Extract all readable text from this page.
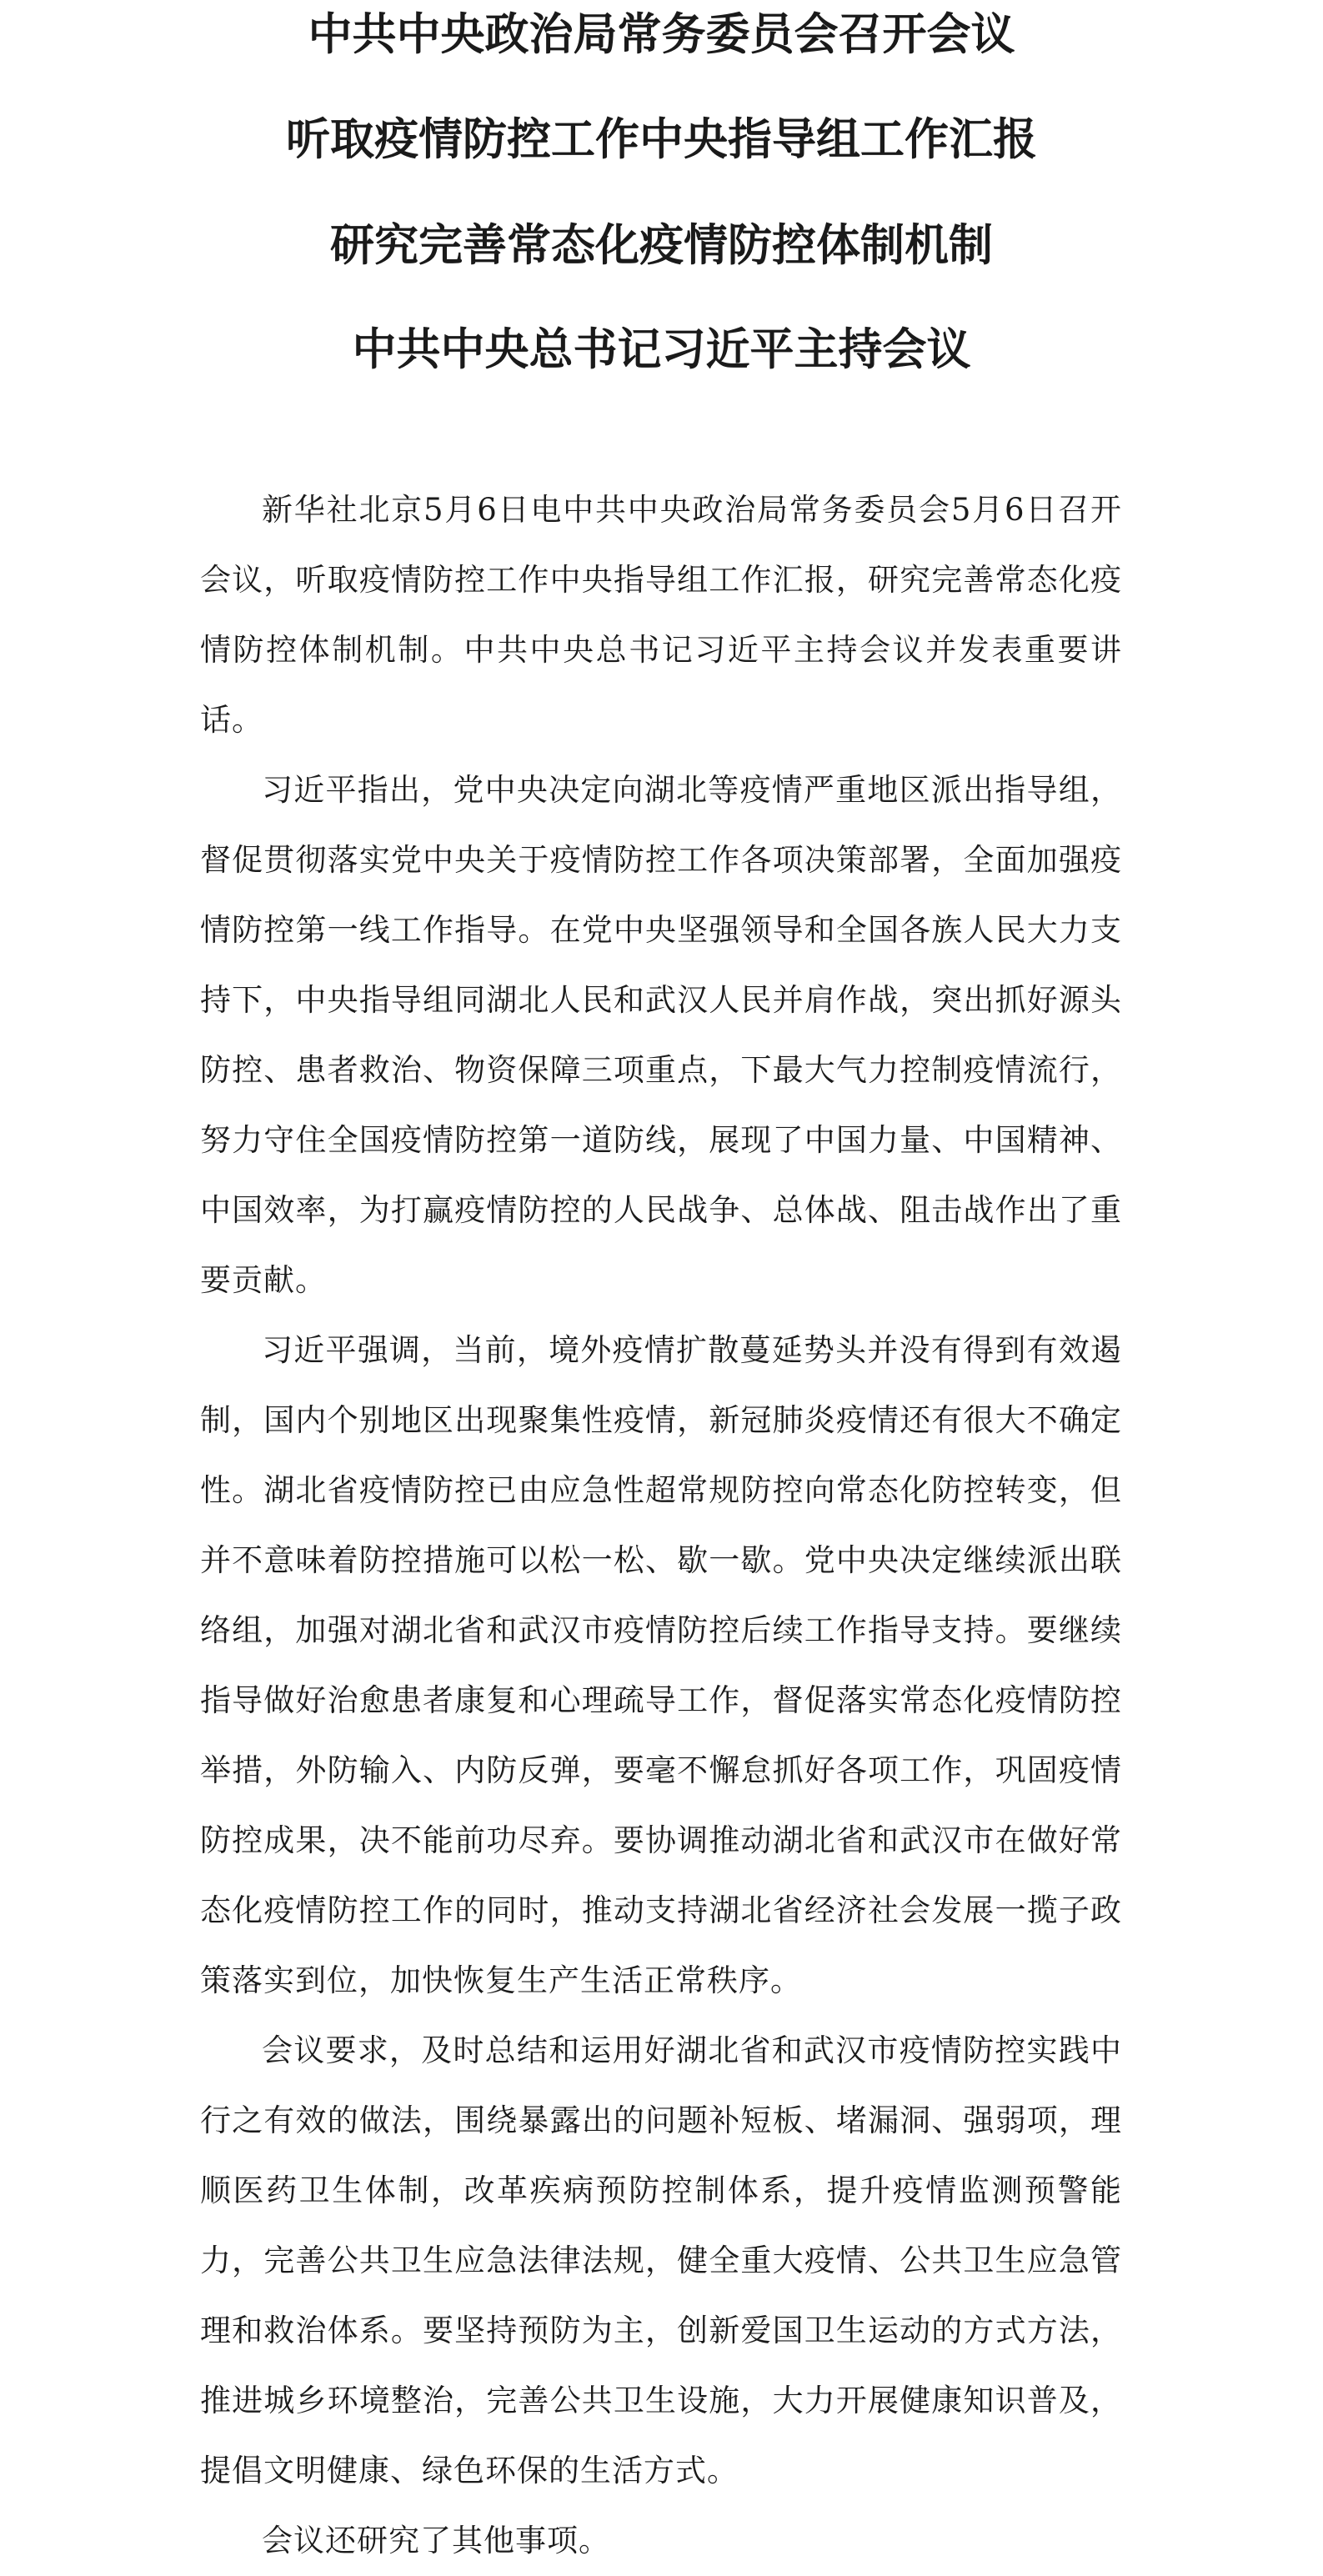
中共中央政治局常务委员会召开会议
听取疫情防控工作中央指导组工作汇报
研究完善常态化疫情防控体制机制
中共中央总书记习近平主持会议

新华社北京5月6日电中共中央政治局常务委员会5月6日召开会议，听取疫情防控工作中央指导组工作汇报，研究完善常态化疫情防控体制机制。中共中央总书记习近平主持会议并发表重要讲话。

习近平指出，党中央决定向湖北等疫情严重地区派出指导组，督促贯彻落实党中央关于疫情防控工作各项决策部署，全面加强疫情防控第一线工作指导。在党中央坚强领导和全国各族人民大力支持下，中央指导组同湖北人民和武汉人民并肩作战，突出抓好源头防控、患者救治、物资保障三项重点，下最大气力控制疫情流行，努力守住全国疫情防控第一道防线，展现了中国力量、中国精神、中国效率，为打赢疫情防控的人民战争、总体战、阻击战作出了重要贡献。

习近平强调，当前，境外疫情扩散蔓延势头并没有得到有效遏制，国内个别地区出现聚集性疫情，新冠肺炎疫情还有很大不确定性。湖北省疫情防控已由应急性超常规防控向常态化防控转变，但并不意味着防控措施可以松一松、歇一歇。党中央决定继续派出联络组，加强对湖北省和武汉市疫情防控后续工作指导支持。要继续指导做好治愈患者康复和心理疏导工作，督促落实常态化疫情防控举措，外防输入、内防反弹，要毫不懈怠抓好各项工作，巩固疫情防控成果，决不能前功尽弃。要协调推动湖北省和武汉市在做好常态化疫情防控工作的同时，推动支持湖北省经济社会发展一揽子政策落实到位，加快恢复生产生活正常秩序。

会议要求，及时总结和运用好湖北省和武汉市疫情防控实践中行之有效的做法，围绕暴露出的问题补短板、堵漏洞、强弱项，理顺医药卫生体制，改革疾病预防控制体系，提升疫情监测预警能力，完善公共卫生应急法律法规，健全重大疫情、公共卫生应急管理和救治体系。要坚持预防为主，创新爱国卫生运动的方式方法，推进城乡环境整治，完善公共卫生设施，大力开展健康知识普及，提倡文明健康、绿色环保的生活方式。

会议还研究了其他事项。
